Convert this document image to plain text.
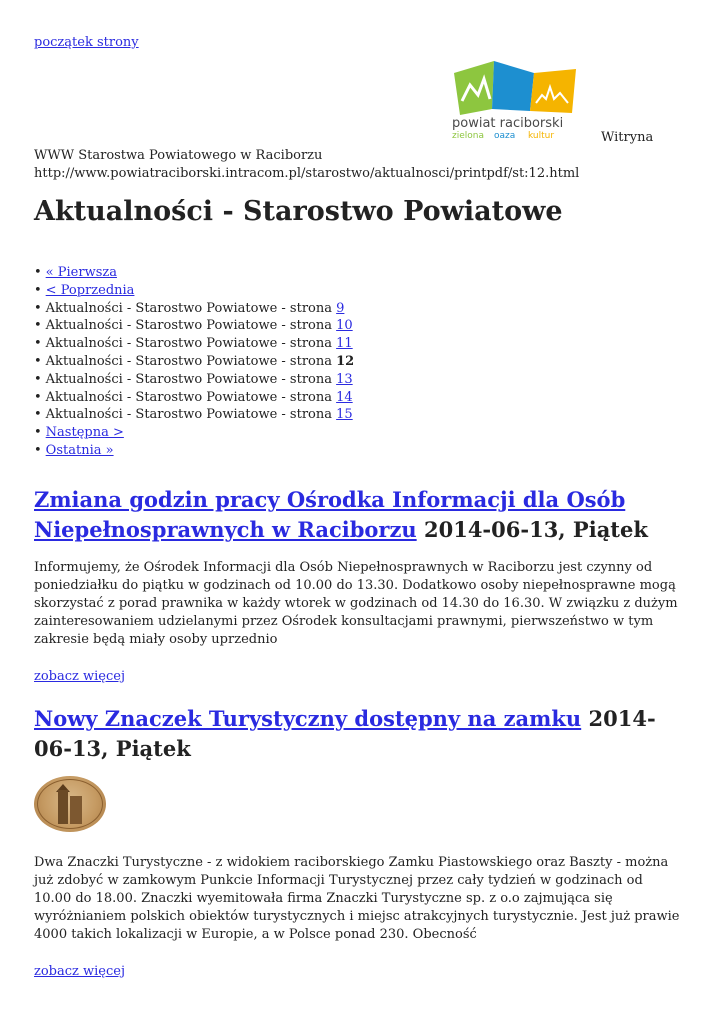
początek strony
powiat raciborski
zielona oaza kultur	Witryna
WWW Starostwa Powiatowego w Raciborzu
http://www.powiatraciborski.intracom.pl/starostwo/aktualnosci/printpdf/st:12.html
Aktualności - Starostwo Powiatowe
• « Pierwsza
• < Poprzednia
• Aktualności - Starostwo Powiatowe - strona 9
• Aktualności - Starostwo Powiatowe - strona 10
• Aktualności - Starostwo Powiatowe - strona 11
• Aktualności - Starostwo Powiatowe - strona 12
• Aktualności - Starostwo Powiatowe - strona 13
• Aktualności - Starostwo Powiatowe - strona 14
• Aktualności - Starostwo Powiatowe - strona 15
• Następna >
• Ostatnia »
Zmiana godzin pracy Ośrodka Informacji dla Osób Niepełnosprawnych w Raciborzu 2014-06-13, Piątek

Informujemy, że Ośrodek Informacji dla Osób Niepełnosprawnych w Raciborzu jest czynny od poniedziałku do piątku w godzinach od 10.00 do 13.30. Dodatkowo osoby niepełnosprawne mogą skorzystać z porad prawnika w każdy wtorek w godzinach od 14.30 do 16.30. W związku z dużym zainteresowaniem udzielanymi przez Ośrodek konsultacjami prawnymi, pierwszeństwo w tym zakresie będą miały osoby uprzednio

zobacz więcej
Nowy Znaczek Turystyczny dostępny na zamku 2014-06-13, Piątek

Dwa Znaczki Turystyczne - z widokiem raciborskiego Zamku Piastowskiego oraz Baszty - można już zdobyć w zamkowym Punkcie Informacji Turystycznej przez cały tydzień w godzinach od 10.00 do 18.00. Znaczki wyemitowała firma Znaczki Turystyczne sp. z o.o zajmująca się wyróżnianiem polskich obiektów turystycznych i miejsc atrakcyjnych turystycznie. Jest już prawie 4000 takich lokalizacji w Europie, a w Polsce ponad 230. Obecność

zobacz więcej
